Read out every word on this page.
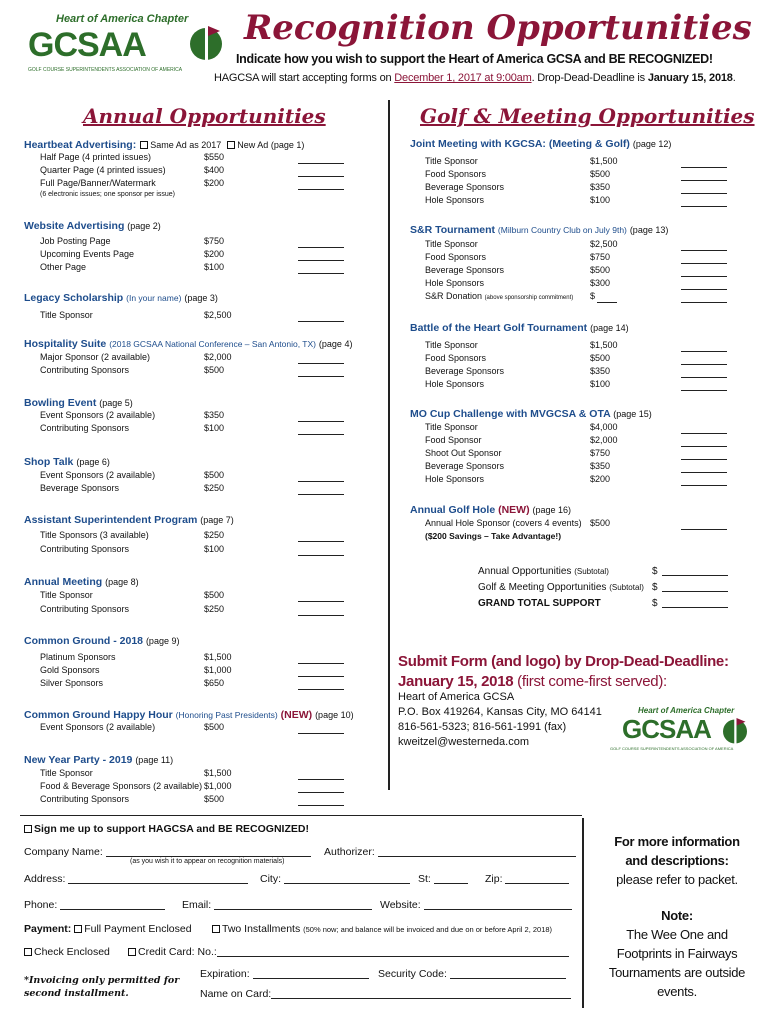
Heart of America Chapter
GCSAA
GOLF COURSE SUPERINTENDENTS ASSOCIATION OF AMERICA
Recognition Opportunities
Indicate how you wish to support the Heart of America GCSA and BE RECOGNIZED!
HAGCSA will start accepting forms on December 1, 2017 at 9:00am. Drop-Dead-Deadline is January 15, 2018.
Annual Opportunities
Heartbeat Advertising: Same Ad as 2017 New Ad (page 1)
Half Page (4 printed issues)	$550
Quarter Page (4 printed issues)	$400
Full Page/Banner/Watermark	$200
(6 electronic issues; one sponsor per issue)
Website Advertising (page 2)
Job Posting Page	$750
Upcoming Events Page	$200
Other Page	$100
Legacy Scholarship (In your name) (page 3)
Title Sponsor	$2,500
Hospitality Suite (2018 GCSAA National Conference – San Antonio, TX) (page 4)
Major Sponsor (2 available)	$2,000
Contributing Sponsors	$500
Bowling Event (page 5)
Event Sponsors (2 available)	$350
Contributing Sponsors	$100
Shop Talk (page 6)
Event Sponsors (2 available)	$500
Beverage Sponsors	$250
Assistant Superintendent Program (page 7)
Title Sponsors (3 available)	$250
Contributing Sponsors	$100
Annual Meeting (page 8)
Title Sponsor	$500
Contributing Sponsors	$250
Common Ground - 2018 (page 9)
Platinum Sponsors	$1,500
Gold Sponsors	$1,000
Silver Sponsors	$650
Common Ground Happy Hour (Honoring Past Presidents) (NEW) (page 10)
Event Sponsors (2 available)	$500
New Year Party - 2019 (page 11)
Title Sponsor	$1,500
Food & Beverage Sponsors (2 available) $1,000
Contributing Sponsors	$500
Joint Meeting with KGCSA: (Meeting & Golf) (page 12)
Title Sponsor	$1,500
Food Sponsors	$500
Beverage Sponsors	$350
Hole Sponsors	$100
S&R Tournament (Milburn Country Club on July 9th) (page 13)
Title Sponsor	$2,500
Food Sponsors	$750
Beverage Sponsors	$500
Hole Sponsors	$300
Battle of the Heart Golf Tournament (page 14)
Title Sponsor	$1,500
Food Sponsors	$500
Beverage Sponsors	$350
Hole Sponsors	$100
MO Cup Challenge with MVGCSA & OTA (page 15)
Title Sponsor	$4,000
Food Sponsor	$2,000
Shoot Out Sponsor	$750
Beverage Sponsors	$350
Hole Sponsors	$200
S&R Donation (above sponsorship commitment) $
Annual Golf Hole (NEW) (page 16)
Annual Hole Sponsor (covers 4 events) $500
($200 Savings – Take Advantage!)
Golf & Meeting Opportunities
Annual Opportunities (Subtotal)	$
Golf & Meeting Opportunities (Subtotal) $
GRAND TOTAL SUPPORT	$
Submit Form (and logo) by Drop-Dead-Deadline:
January 15, 2018 (first come-first served):
Heart of America GCSA
P.O. Box 419264, Kansas City, MO 64141
816-561-5323; 816-561-1991 (fax)
kweitzel@westerneda.com
Heart of America Chapter
GCSAA
GOLF COURSE SUPERINTENDENTS ASSOCIATION OF AMERICA
Sign me up to support HAGCSA and BE RECOGNIZED!
Company Name:
(as you wish it to appear on recognition materials)
Authorizer:
Address:	City:	St:	Zip:
Phone:	Email:	Website:
Payment: Full Payment Enclosed	Two Installments (50% now; and balance will be invoiced and due on or before April 2, 2018)
Check Enclosed	Credit Card: No.:
Expiration:	Security Code:
*Invoicing only permitted for second installment.	Name on Card:
For more information
and descriptions:
please refer to packet.
Note:
The Wee One and Footprints in Fairways Tournaments are outside events.
